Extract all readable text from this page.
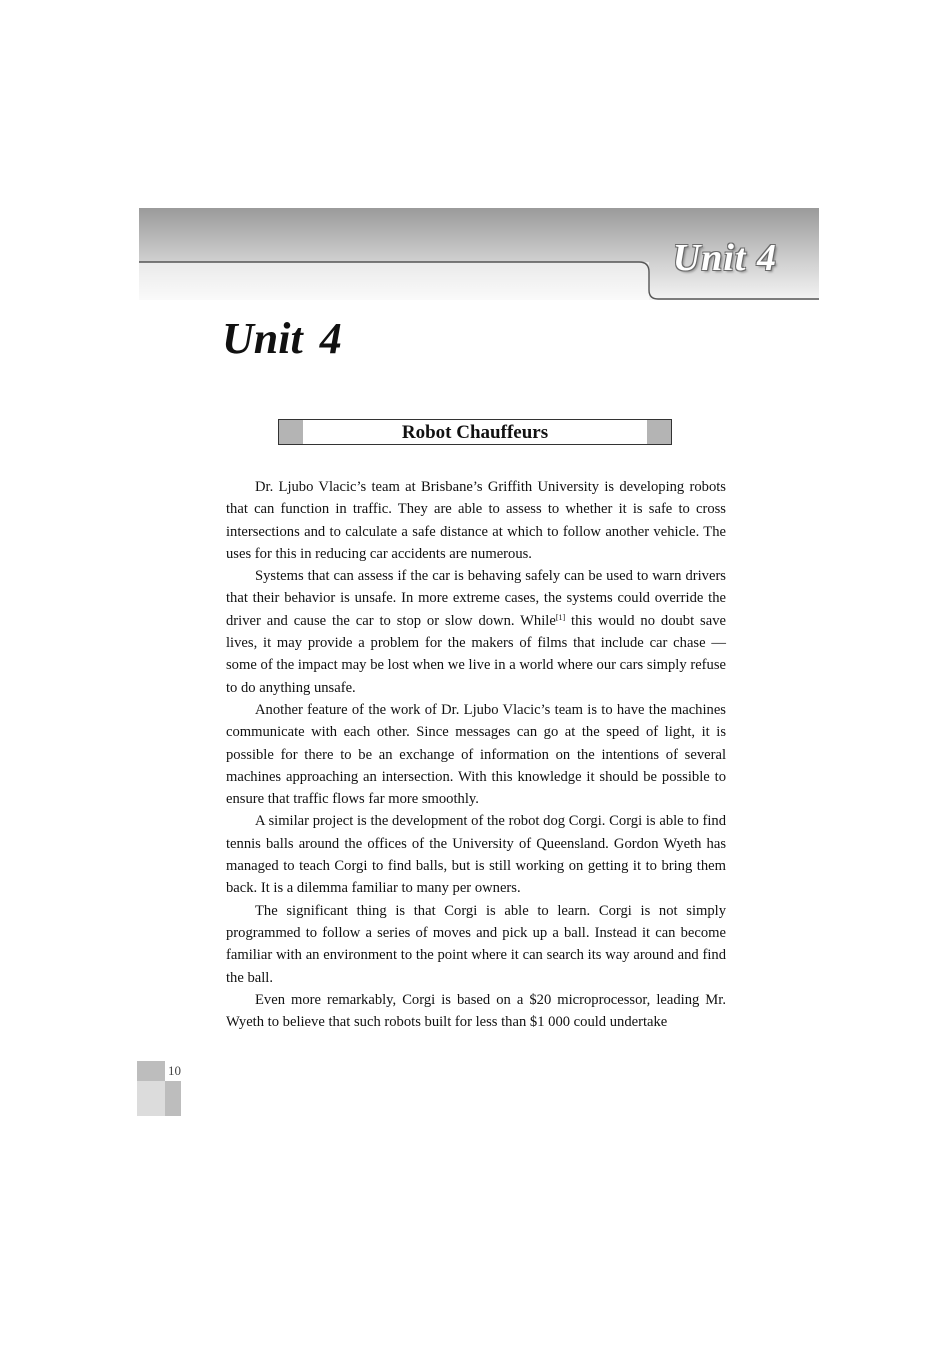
Unit 4
Unit 4
Robot Chauffeurs

Dr. Ljubo Vlacic’s team at Brisbane’s Griffith University is developing robots that can function in traffic. They are able to assess to whether it is safe to cross intersections and to calculate a safe distance at which to follow another vehicle. The uses for this in reducing car accidents are numerous.

Systems that can assess if the car is behaving safely can be used to warn drivers that their behavior is unsafe. In more extreme cases, the systems could override the driver and cause the car to stop or slow down. While[1] this would no doubt save lives, it may provide a problem for the makers of films that include car chase — some of the impact may be lost when we live in a world where our cars simply refuse to do anything unsafe.

Another feature of the work of Dr. Ljubo Vlacic’s team is to have the machines communicate with each other. Since messages can go at the speed of light, it is possible for there to be an exchange of information on the intentions of several machines approaching an intersection. With this knowledge it should be possible to ensure that traffic flows far more smoothly.

A similar project is the development of the robot dog Corgi. Corgi is able to find tennis balls around the offices of the University of Queensland. Gordon Wyeth has managed to teach Corgi to find balls, but is still working on getting it to bring them back. It is a dilemma familiar to many per owners.

The significant thing is that Corgi is able to learn. Corgi is not simply programmed to follow a series of moves and pick up a ball. Instead it can become familiar with an environment to the point where it can search its way around and find the ball.

Even more remarkably, Corgi is based on a $20 microprocessor, leading Mr. Wyeth to believe that such robots built for less than $1 000 could undertake

10
